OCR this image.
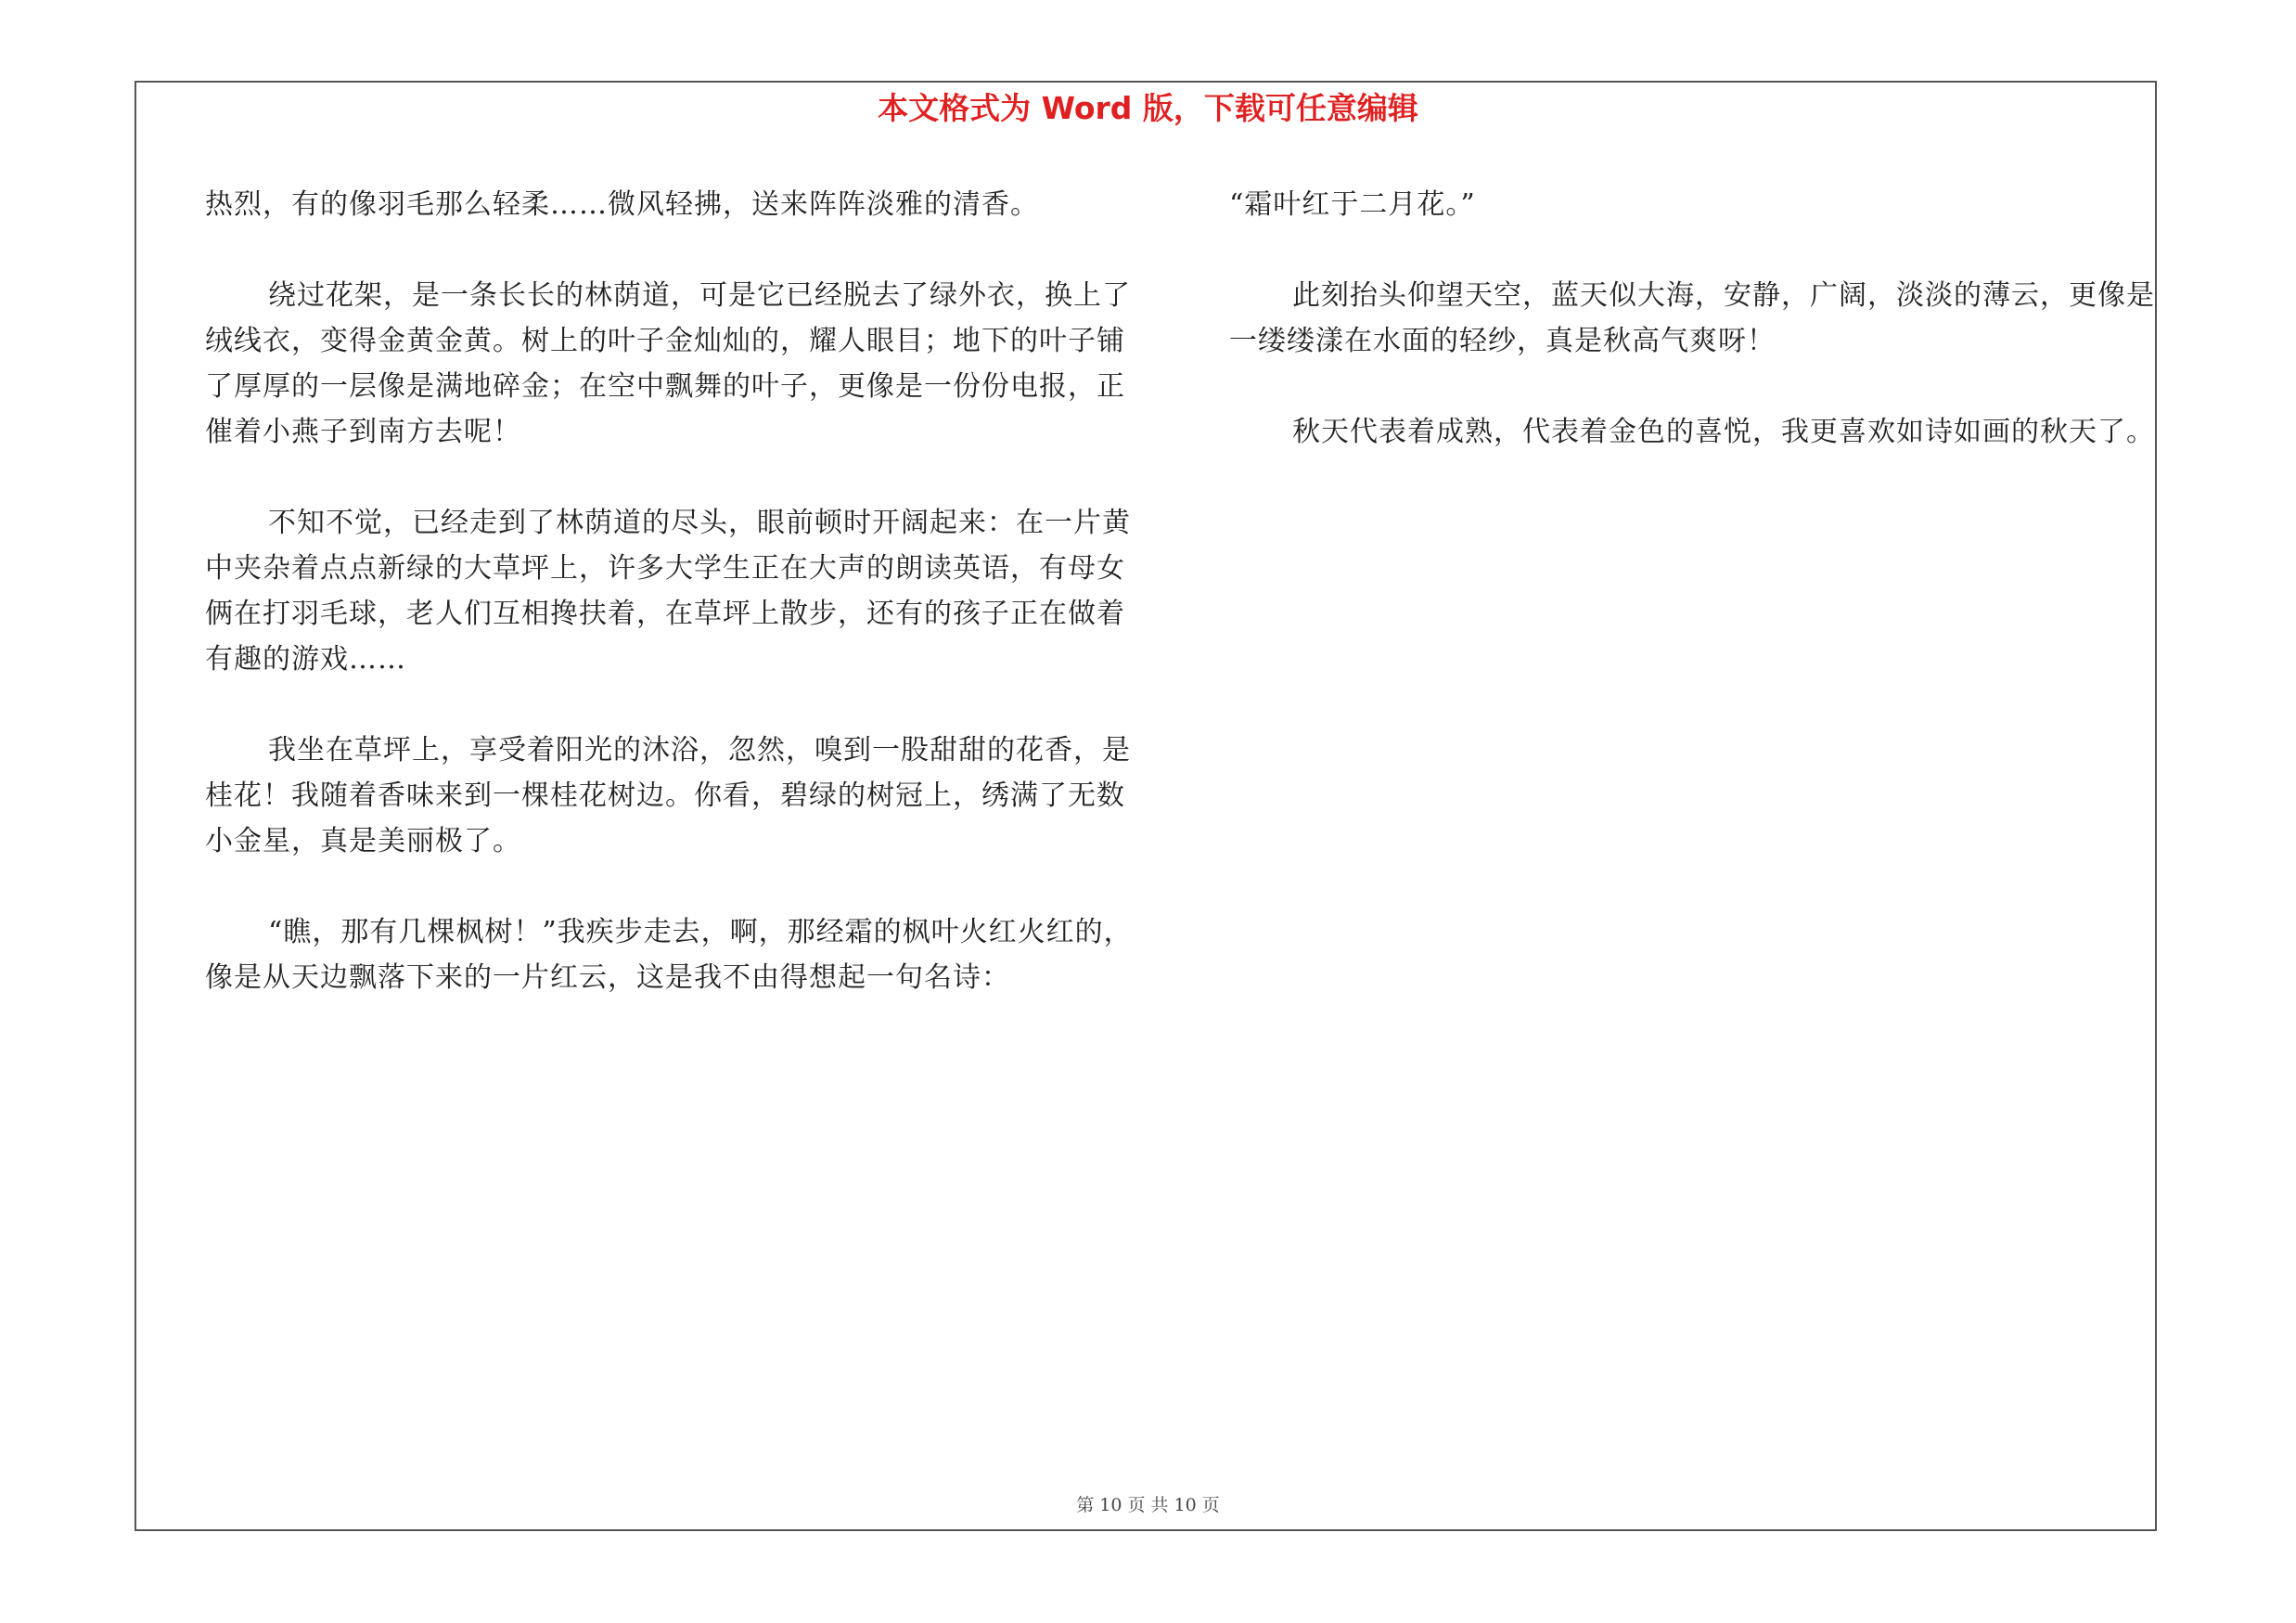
本文格式为 Word 版，下载可任意编辑

热烈，有的像羽毛那么轻柔……微风轻拂，送来阵阵淡雅的清香。

绕过花架，是一条长长的林荫道，可是它已经脱去了绿外衣，换上了绒线衣，变得金黄金黄。树上的叶子金灿灿的，耀人眼目；地下的叶子铺了厚厚的一层像是满地碎金；在空中飘舞的叶子，更像是一份份电报，正催着小燕子到南方去呢！

不知不觉，已经走到了林荫道的尽头，眼前顿时开阔起来：在一片黄中夹杂着点点新绿的大草坪上，许多大学生正在大声的朗读英语，有母女俩在打羽毛球，老人们互相搀扶着，在草坪上散步，还有的孩子正在做着有趣的游戏……

我坐在草坪上，享受着阳光的沐浴，忽然，嗅到一股甜甜的花香，是桂花！我随着香味来到一棵桂花树边。你看，碧绿的树冠上，绣满了无数小金星，真是美丽极了。

“瞧，那有几棵枫树！”我疾步走去，啊，那经霜的枫叶火红火红的，像是从天边飘落下来的一片红云，这是我不由得想起一句名诗：

“霜叶红于二月花。”

此刻抬头仰望天空，蓝天似大海，安静，广阔，淡淡的薄云，更像是一缕缕漾在水面的轻纱，真是秋高气爽呀！

秋天代表着成熟，代表着金色的喜悦，我更喜欢如诗如画的秋天了。

第 10 页 共 10 页
